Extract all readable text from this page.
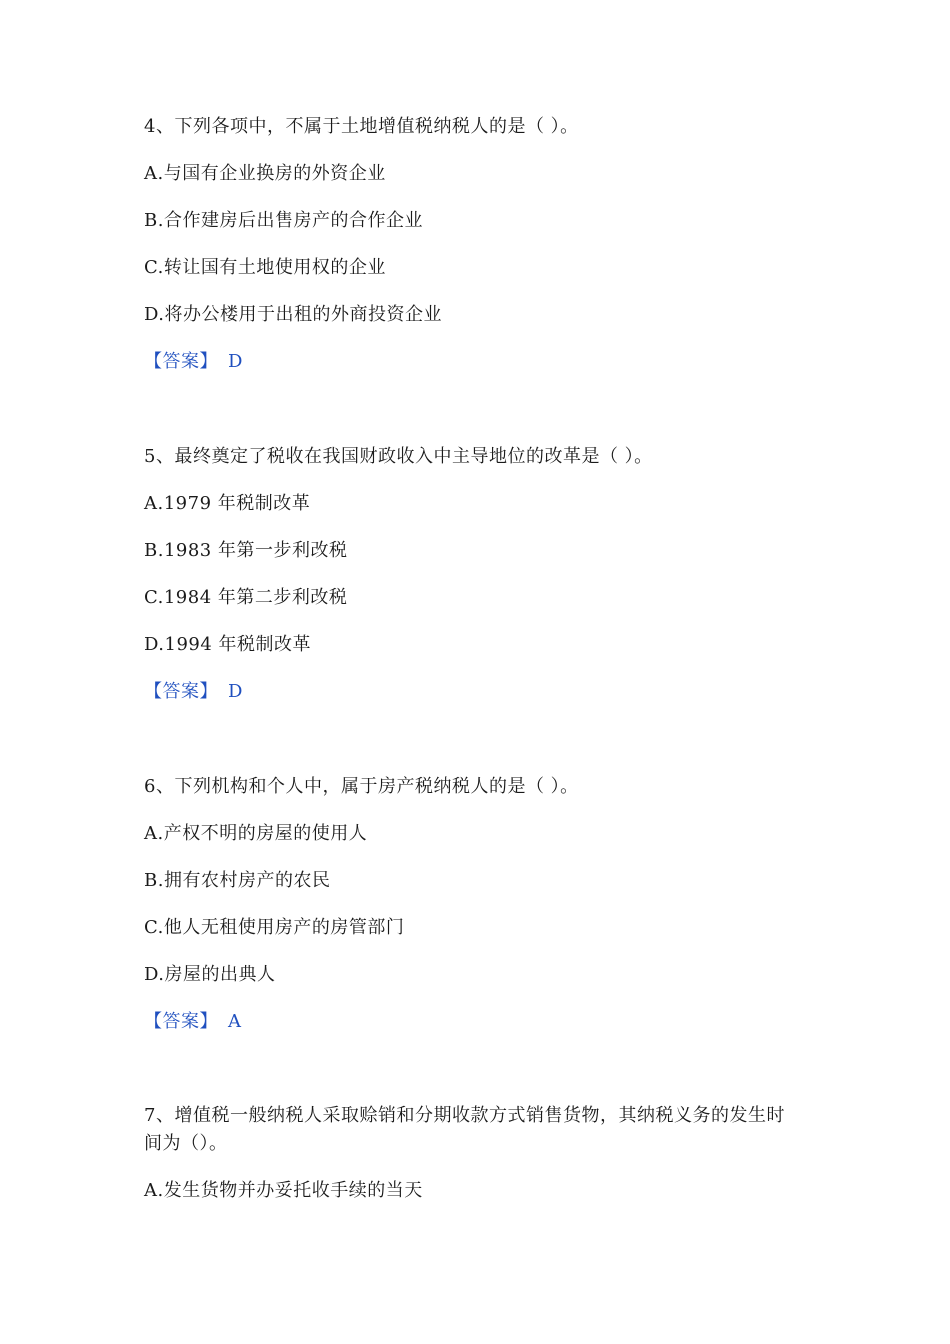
4、下列各项中，不属于土地增值税纳税人的是（ ）。

A.与国有企业换房的外资企业

B.合作建房后出售房产的合作企业

C.转让国有土地使用权的企业

D.将办公楼用于出租的外商投资企业

【答案】 D

5、最终奠定了税收在我国财政收入中主导地位的改革是（ ）。

A.1979 年税制改革

B.1983 年第一步利改税

C.1984 年第二步利改税

D.1994 年税制改革

【答案】 D

6、下列机构和个人中，属于房产税纳税人的是（ ）。

A.产权不明的房屋的使用人

B.拥有农村房产的农民

C.他人无租使用房产的房管部门

D.房屋的出典人

【答案】 A

7、增值税一般纳税人采取赊销和分期收款方式销售货物，其纳税义务的发生时

间为（）。

A.发生货物并办妥托收手续的当天
